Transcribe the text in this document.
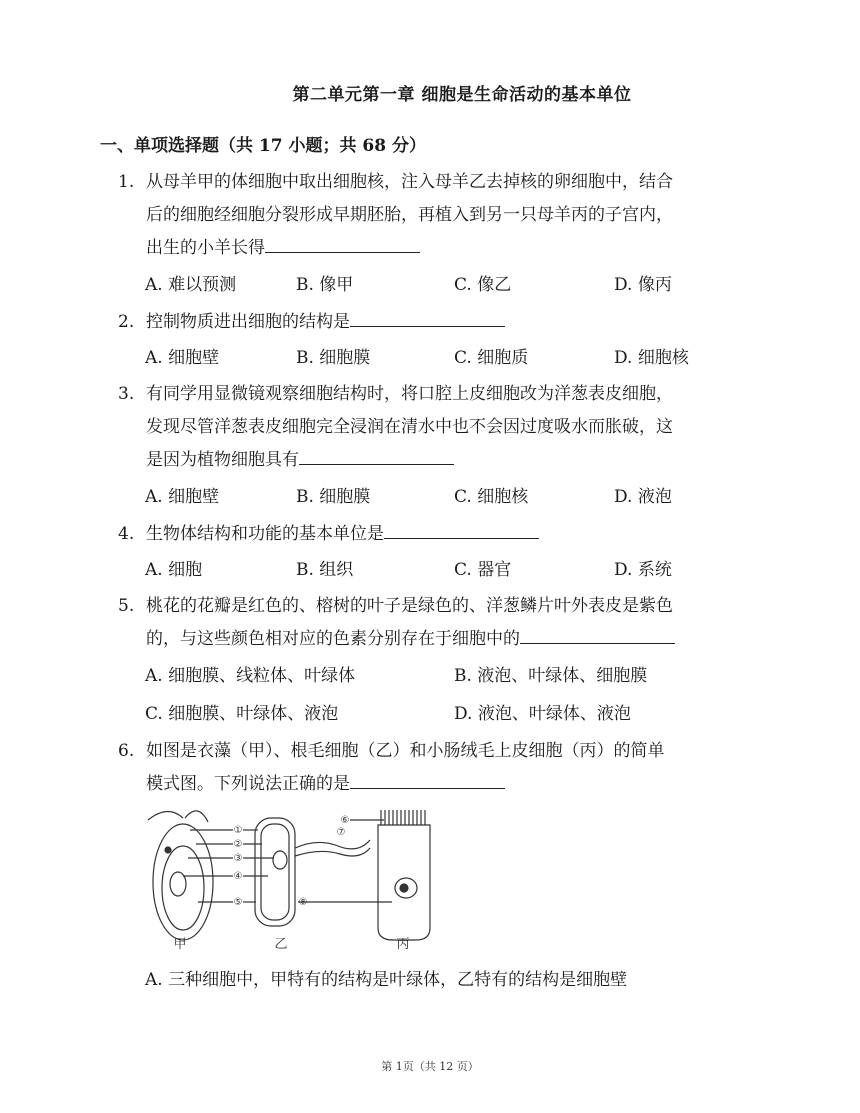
第二单元第一章 细胞是生命活动的基本单位
一、单项选择题（共 17 小题；共 68 分）
1. 从母羊甲的体细胞中取出细胞核，注入母羊乙去掉核的卵细胞中，结合
后的细胞经细胞分裂形成早期胚胎，再植入到另一只母羊丙的子宫内，
出生的小羊长得
A. 难以预测	B. 像甲	C. 像乙	D. 像丙
2. 控制物质进出细胞的结构是
A. 细胞壁	B. 细胞膜	C. 细胞质	D. 细胞核
3. 有同学用显微镜观察细胞结构时，将口腔上皮细胞改为洋葱表皮细胞，
发现尽管洋葱表皮细胞完全浸润在清水中也不会因过度吸水而胀破，这
是因为植物细胞具有
A. 细胞壁	B. 细胞膜	C. 细胞核	D. 液泡
4. 生物体结构和功能的基本单位是
A. 细胞	B. 组织	C. 器官	D. 系统
5. 桃花的花瓣是红色的、榕树的叶子是绿色的、洋葱鳞片叶外表皮是紫色
的，与这些颜色相对应的色素分别存在于细胞中的
A. 细胞膜、线粒体、叶绿体	B. 液泡、叶绿体、细胞膜
C. 细胞膜、叶绿体、液泡	D. 液泡、叶绿体、液泡
6. 如图是衣藻（甲）、根毛细胞（乙）和小肠绒毛上皮细胞（丙）的简单
模式图。下列说法正确的是
①
②
③
④
⑤
⑥
⑦
⑧
甲	乙	丙
A. 三种细胞中，甲特有的结构是叶绿体，乙特有的结构是细胞壁
第 1页（共 12 页）
